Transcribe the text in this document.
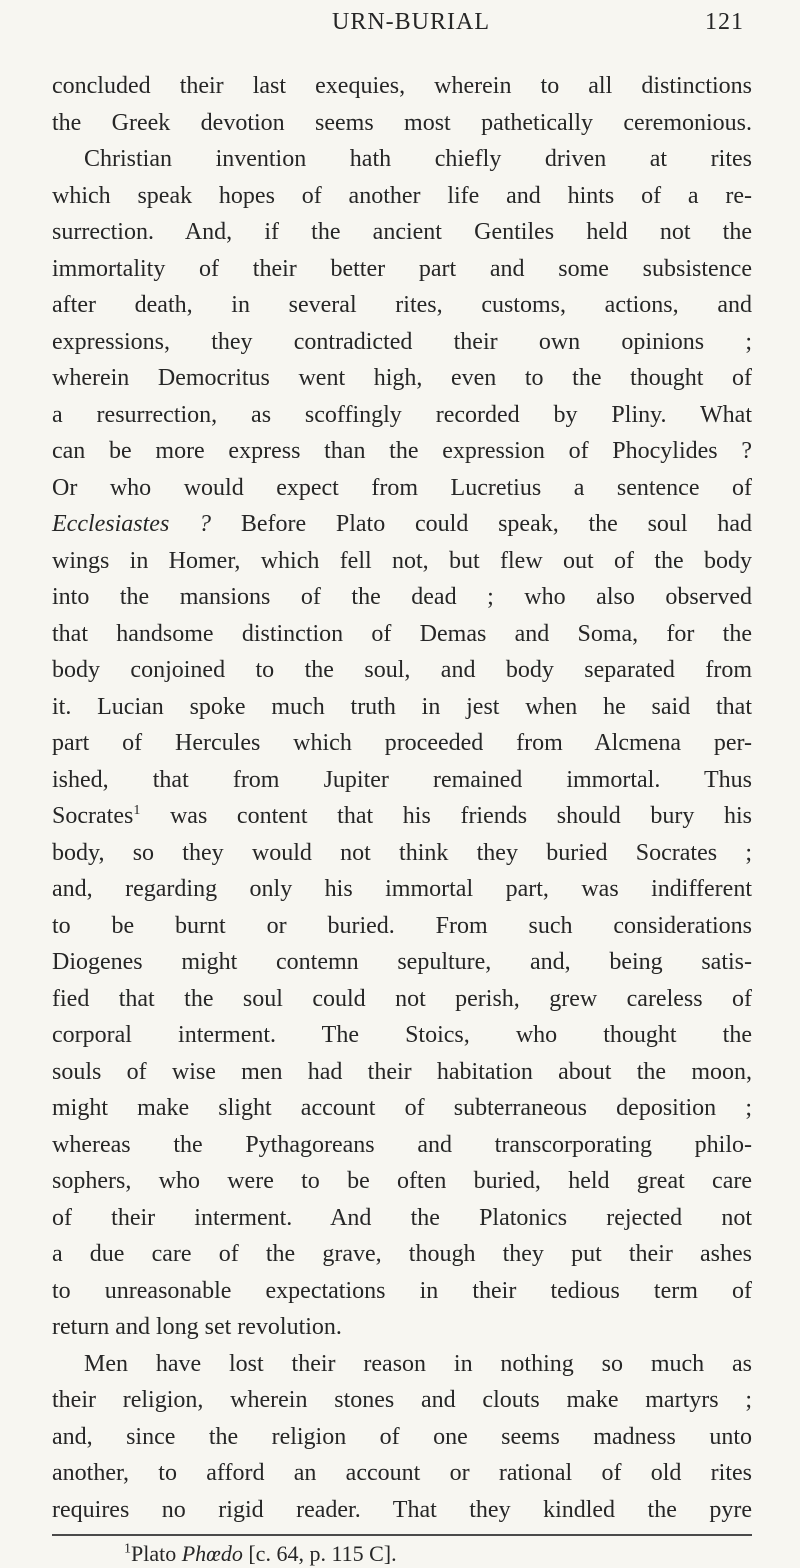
URN-BURIAL	121
concluded their last exequies, wherein to all distinctions
the Greek devotion seems most pathetically ceremonious.
Christian invention hath chiefly driven at rites
which speak hopes of another life and hints of a re-
surrection. And, if the ancient Gentiles held not the
immortality of their better part and some subsistence
after death, in several rites, customs, actions, and
expressions, they contradicted their own opinions ;
wherein Democritus went high, even to the thought of
a resurrection, as scoffingly recorded by Pliny. What
can be more express than the expression of Phocylides ?
Or who would expect from Lucretius a sentence of
Ecclesiastes ? Before Plato could speak, the soul had
wings in Homer, which fell not, but flew out of the body
into the mansions of the dead ; who also observed
that handsome distinction of Demas and Soma, for the
body conjoined to the soul, and body separated from
it. Lucian spoke much truth in jest when he said that
part of Hercules which proceeded from Alcmena per-
ished, that from Jupiter remained immortal. Thus
Socrates$^1$ was content that his friends should bury his
body, so they would not think they buried Socrates ;
and, regarding only his immortal part, was indifferent
to be burnt or buried. From such considerations
Diogenes might contemn sepulture, and, being satis-
fied that the soul could not perish, grew careless of
corporal interment. The Stoics, who thought the
souls of wise men had their habitation about the moon,
might make slight account of subterraneous deposition ;
whereas the Pythagoreans and transcorporating philo-
sophers, who were to be often buried, held great care
of their interment. And the Platonics rejected not
a due care of the grave, though they put their ashes
to unreasonable expectations in their tedious term of
return and long set revolution.
Men have lost their reason in nothing so much as
their religion, wherein stones and clouts make martyrs ;
and, since the religion of one seems madness unto
another, to afford an account or rational of old rites
requires no rigid reader. That they kindled the pyre
$^1$Plato Phœdo [c. 64, p. 115 C].
